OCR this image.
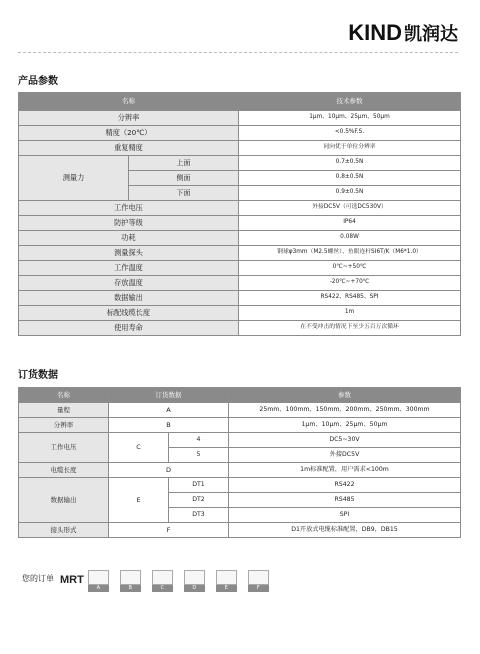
KIND 凯润达
产品参数
名称		技术参数
分辨率		1μm、10μm、25μm、50μm
精度（20℃）		<0.5%F.S.
重复精度		同向优于单位分辨率
测量力	上面	0.7±0.5N
	侧面	0.8±0.5N
	下面	0.9±0.5N
工作电压		外接DC5V（可选DC530V）
防护等级		IP64
功耗		0.08W
测量探头		钢球φ3mm（M2.5螺丝）、鱼眼连杆SI6T/K（M6*1.0）
工作温度		0℃~+50℃
存放温度		-20℃~+70℃
数据输出		RS422、RS485、SPI
标配线缆长度		1m
使用寿命		在不受冲击的情况下至少五百万次循环
订货数据
名称	订货数据		参数
量程	A		25mm、100mm、150mm、200mm、250mm、300mm
分辨率	B		1μm、10μm、25μm、50μm
工作电压	C	4	DC5~30V
		5	外接DC5V
电缆长度	D		1m标准配置，用户需求<100m
数据输出	E	DT1	RS422
		DT2	RS485
		DT3	SPI
接头形式	F		D1开放式电缆标准配置，DB9，DB15
您的订单 MRT
A	B	C	D	E	F
